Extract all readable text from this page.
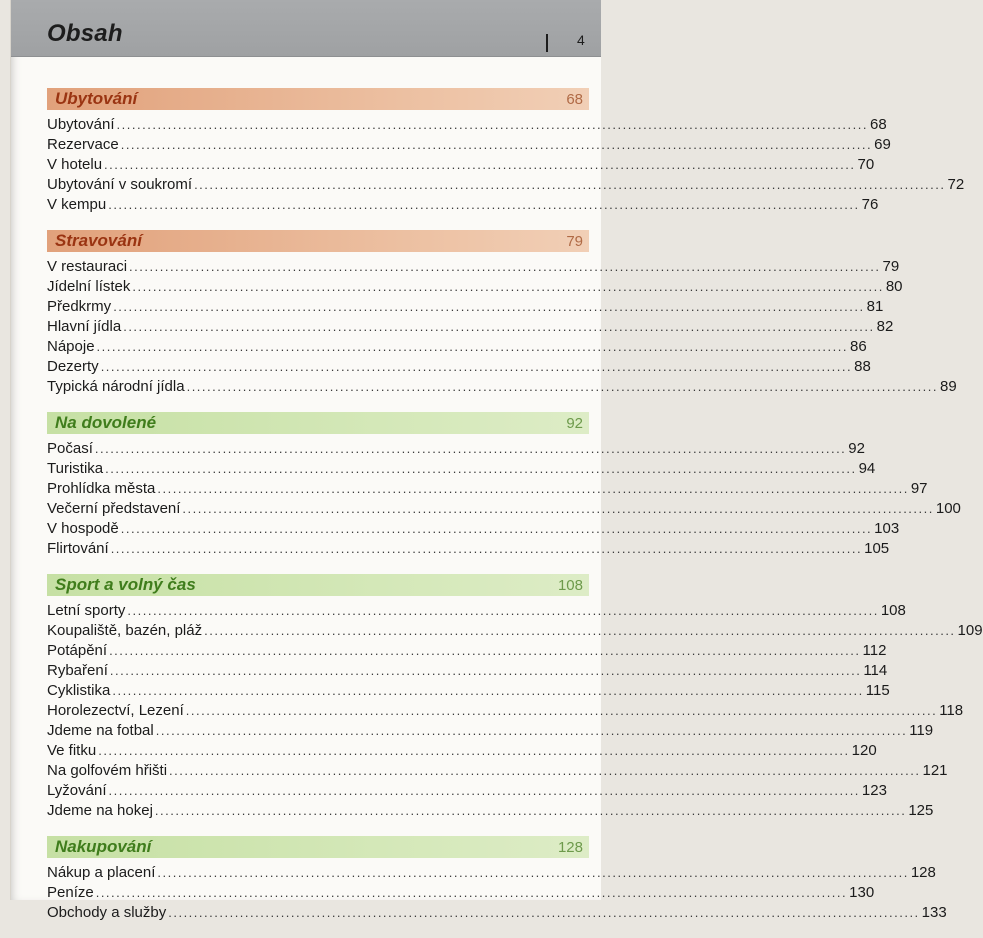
Obsah	4
Ubytování	68
Ubytování .....	68
Rezervace .....	69
V hotelu .....	70
Ubytování v soukromí .....	72
V kempu .....	76
Stravování	79
V restauraci .....	79
Jídelní lístek .....	80
Předkrmy .....	81
Hlavní jídla .....	82
Nápoje .....	86
Dezerty .....	88
Typická národní jídla .....	89
Na dovolené	92
Počasí .....	92
Turistika .....	94
Prohlídka města .....	97
Večerní představení .....	100
V hospodě .....	103
Flirtování .....	105
Sport a volný čas	108
Letní sporty .....	108
Koupaliště, bazén, pláž .....	109
Potápění .....	112
Rybaření .....	114
Cyklistika .....	115
Horolezectví, Lezení .....	118
Jdeme na fotbal .....	119
Ve fitku .....	120
Na golfovém hřišti .....	121
Lyžování .....	123
Jdeme na hokej .....	125
Nakupování	128
Nákup a placení .....	128
Peníze .....	130
Obchody a služby .....	133
